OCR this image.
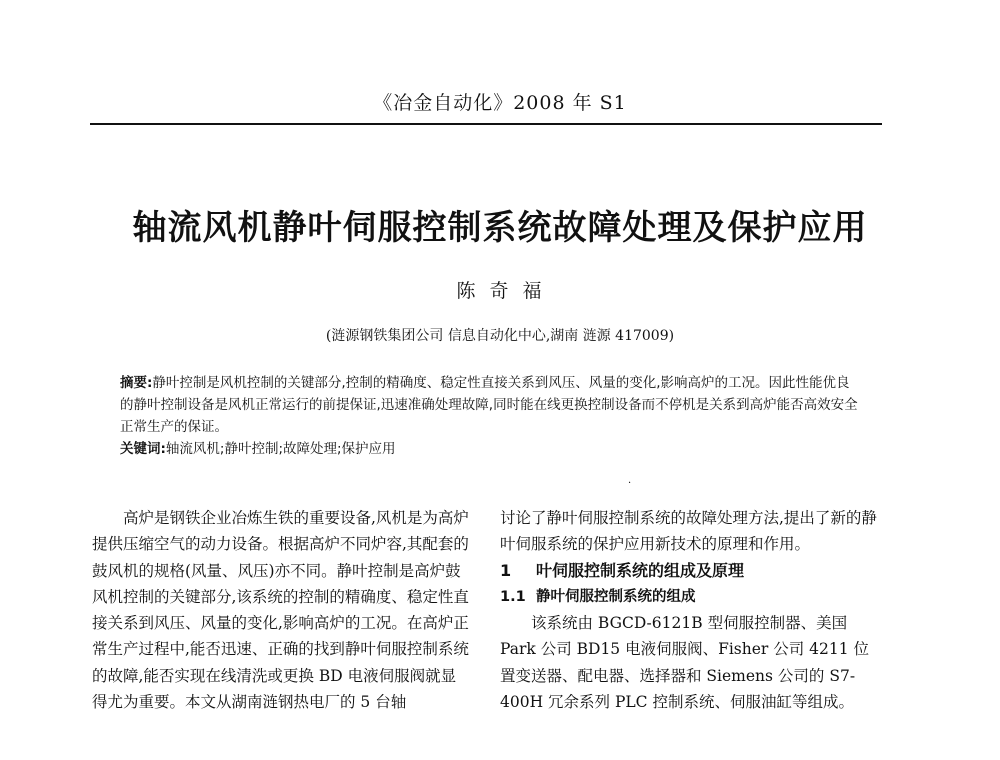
《冶金自动化》2008 年 S1
轴流风机静叶伺服控制系统故障处理及保护应用
陈奇福
(涟源钢铁集团公司 信息自动化中心,湖南 涟源 417009)

摘要:静叶控制是风机控制的关键部分,控制的精确度、稳定性直接关系到风压、风量的变化,影响高炉的工况。因此性能优良的静叶控制设备是风机正常运行的前提保证,迅速准确处理故障,同时能在线更换控制设备而不停机是关系到高炉能否高效安全正常生产的保证。

关键词:轴流风机;静叶控制;故障处理;保护应用

·

高炉是钢铁企业冶炼生铁的重要设备,风机是为高炉提供压缩空气的动力设备。根据高炉不同炉容,其配套的鼓风机的规格(风量、风压)亦不同。静叶控制是高炉鼓风机控制的关键部分,该系统的控制的精确度、稳定性直接关系到风压、风量的变化,影响高炉的工况。在高炉正常生产过程中,能否迅速、正确的找到静叶伺服控制系统的故障,能否实现在线清洗或更换 BD 电液伺服阀就显得尤为重要。本文从湖南涟钢热电厂的 5 台轴

讨论了静叶伺服控制系统的故障处理方法,提出了新的静叶伺服系统的保护应用新技术的原理和作用。

1 叶伺服控制系统的组成及原理

1.1 静叶伺服控制系统的组成

该系统由 BGCD-6121B 型伺服控制器、美国 Park 公司 BD15 电液伺服阀、Fisher 公司 4211 位置变送器、配电器、选择器和 Siemens 公司的 S7-400H 冗余系列 PLC 控制系统、伺服油缸等组成。
